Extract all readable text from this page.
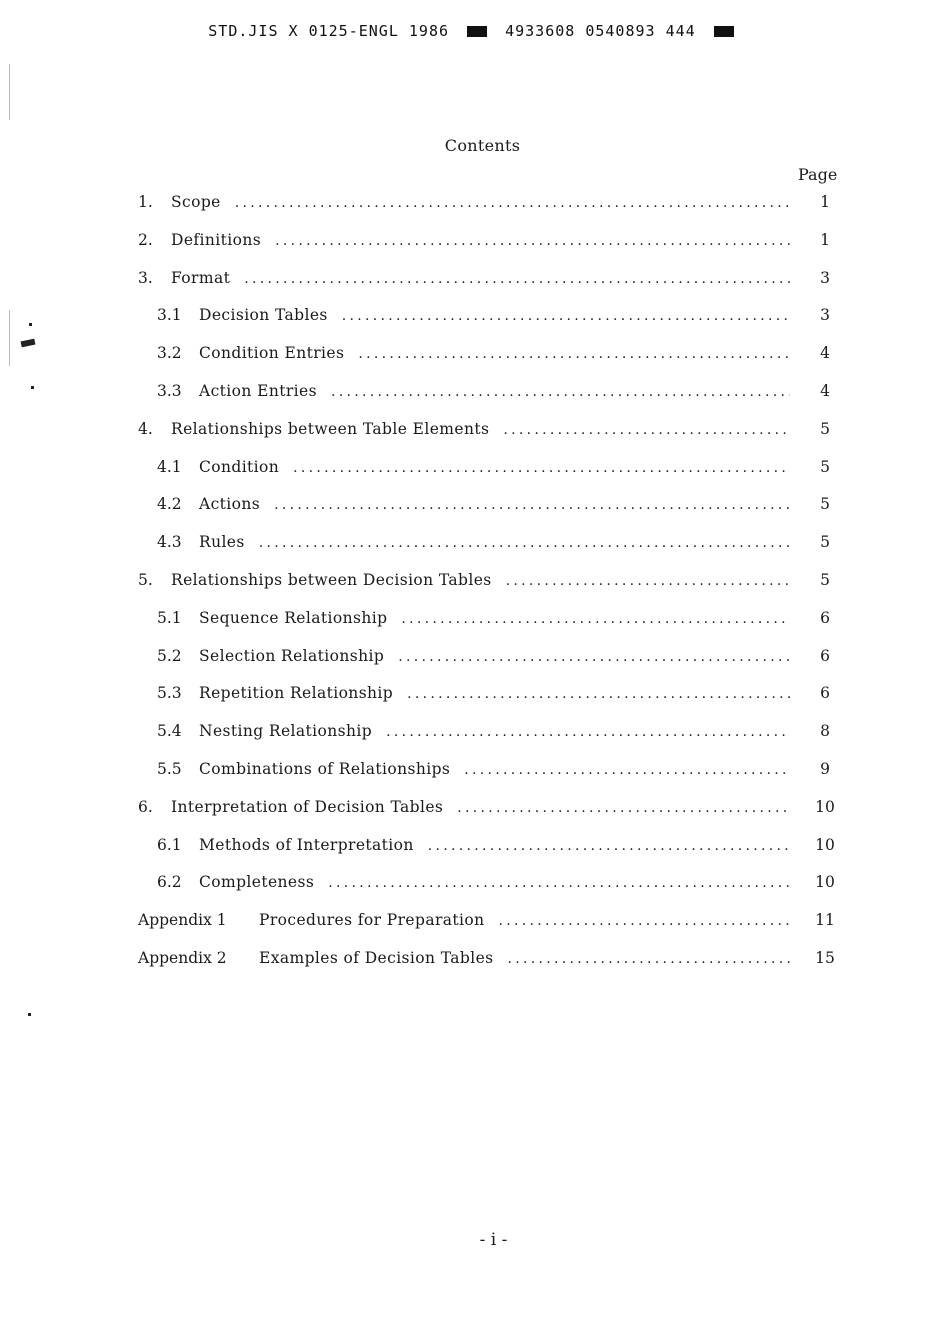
STD.JIS X 0125-ENGL 1986	4933608 0540893 444
Contents
Page
1.	Scope .....	1
2.	Definitions .....	1
3.	Format .....	3
3.1	Decision Tables .....	3
3.2	Condition Entries .....	4
3.3	Action Entries .....	4
4.	Relationships between Table Elements .....	5
4.1	Condition .....	5
4.2	Actions .....	5
4.3	Rules .....	5
5.	Relationships between Decision Tables .....	5
5.1	Sequence Relationship .....	6
5.2	Selection Relationship .....	6
5.3	Repetition Relationship .....	6
5.4	Nesting Relationship .....	8
5.5	Combinations of Relationships .....	9
6.	Interpretation of Decision Tables .....	10
6.1	Methods of Interpretation .....	10
6.2	Completeness .....	10
Appendix 1	Procedures for Preparation .....	11
Appendix 2	Examples of Decision Tables .....	15
- i -
